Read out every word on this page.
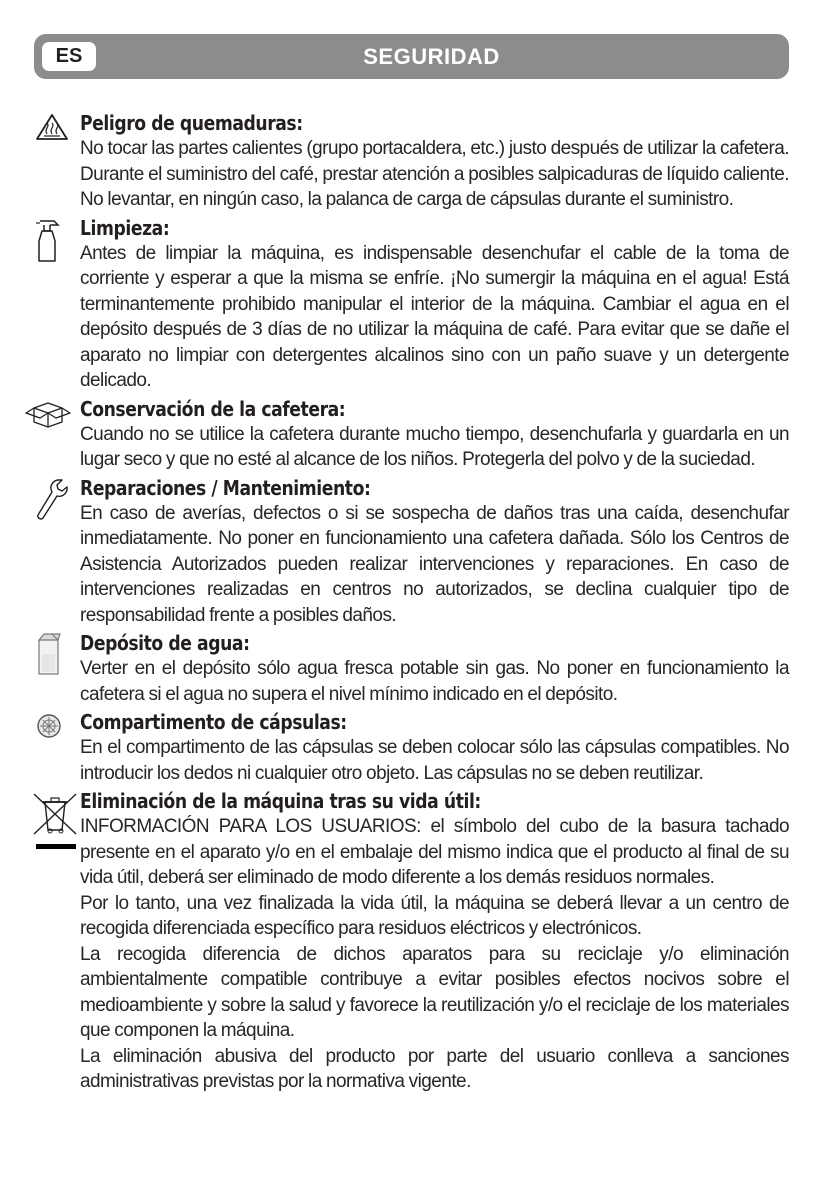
ES	SEGURIDAD
Peligro de quemaduras:

No tocar las partes calientes (grupo portacaldera, etc.) justo después de utilizar la cafetera. Durante el suministro del café, prestar atención a posibles salpicaduras de líquido caliente. No levantar, en ningún caso, la palanca de carga de cápsulas durante el suministro.

Limpieza:

Antes de limpiar la máquina, es indispensable desenchufar el cable de la toma de corriente y esperar a que la misma se enfríe. ¡No sumergir la máquina en el agua! Está terminantemente prohibido manipular el interior de la máquina. Cambiar el agua en el depósito después de 3 días de no utilizar la máquina de café. Para evitar que se dañe el aparato no limpiar con detergentes alcalinos sino con un paño suave y un detergente delicado.

Conservación de la cafetera:

Cuando no se utilice la cafetera durante mucho tiempo, desenchufarla y guardarla en un lugar seco y que no esté al alcance de los niños. Protegerla del polvo y de la suciedad.

Reparaciones / Mantenimiento:

En caso de averías, defectos o si se sospecha de daños tras una caída, desenchufar inmediatamente. No poner en funcionamiento una cafetera dañada. Sólo los Centros de Asistencia Autorizados pueden realizar intervenciones y reparaciones. En caso de intervenciones realizadas en centros no autorizados, se declina cualquier tipo de responsabilidad frente a posibles daños.

Depósito de agua:

Verter en el depósito sólo agua fresca potable sin gas. No poner en funcionamiento la cafetera si el agua no supera el nivel mínimo indicado en el depósito.

Compartimento de cápsulas:

En el compartimento de las cápsulas se deben colocar sólo las cápsulas compatibles. No introducir los dedos ni cualquier otro objeto. Las cápsulas no se deben reutilizar.

Eliminación de la máquina tras su vida útil:

INFORMACIÓN PARA LOS USUARIOS: el símbolo del cubo de la basura tachado presente en el aparato y/o en el embalaje del mismo indica que el producto al final de su vida útil, deberá ser eliminado de modo diferente a los demás residuos normales.

Por lo tanto, una vez finalizada la vida útil, la máquina se deberá llevar a un centro de recogida diferenciada específico para residuos eléctricos y electrónicos.

La recogida diferencia de dichos aparatos para su reciclaje y/o eliminación ambientalmente compatible contribuye a evitar posibles efectos nocivos sobre el medioambiente y sobre la salud y favorece la reutilización y/o el reciclaje de los materiales que componen la máquina.

La eliminación abusiva del producto por parte del usuario conlleva a sanciones administrativas previstas por la normativa vigente.
